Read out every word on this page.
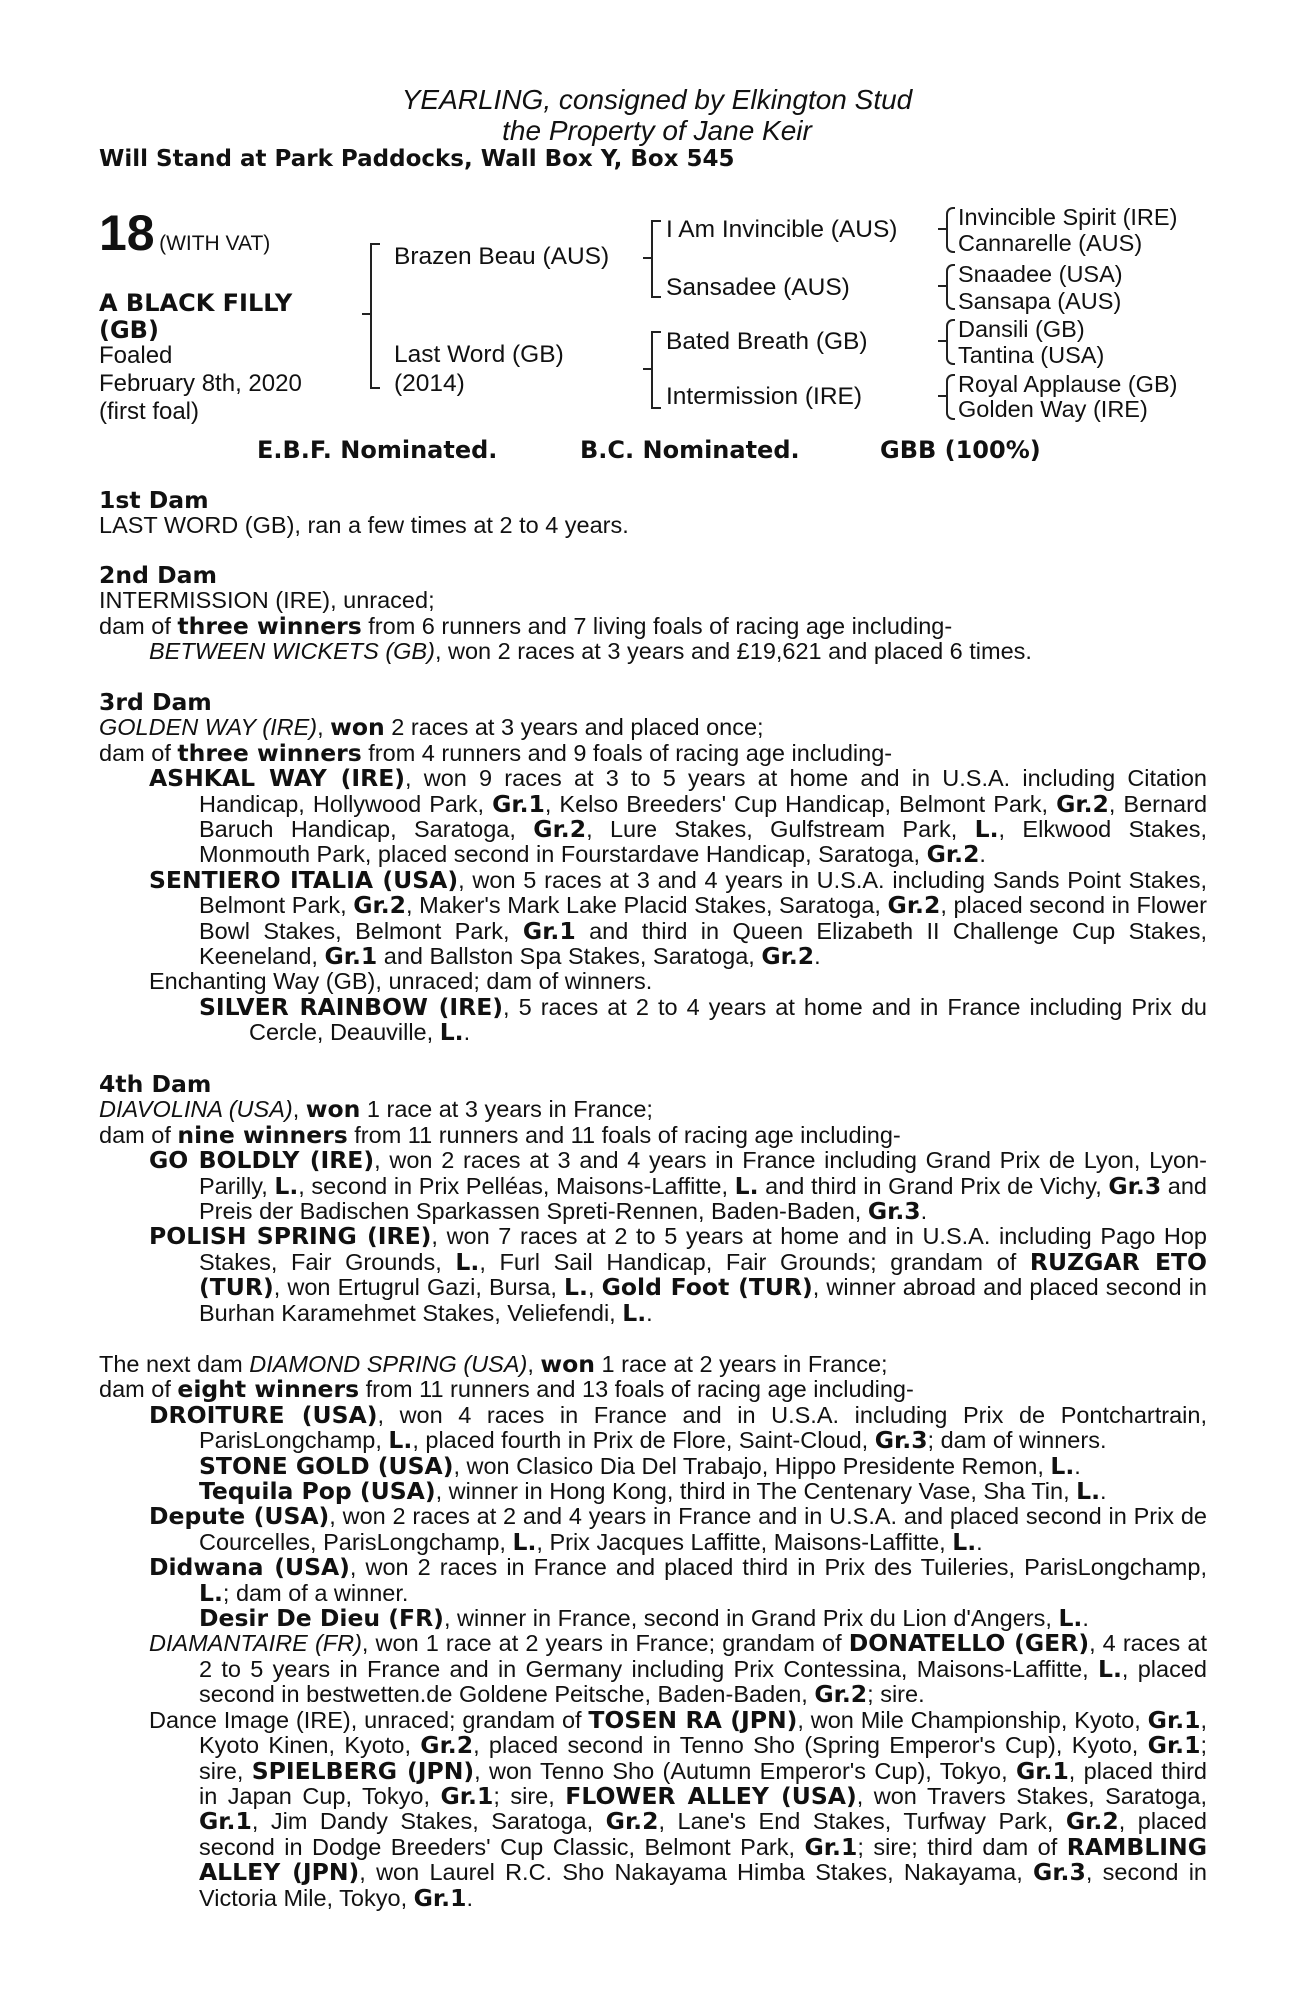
YEARLING, consigned by Elkington Stud
the Property of Jane Keir
Will Stand at Park Paddocks, Wall Box Y, Box 545
18 (WITH VAT)
A BLACK FILLY
(GB)
Foaled
February 8th, 2020
(first foal)
Brazen Beau (AUS)
Last Word (GB)
(2014)
I Am Invincible (AUS)
Sansadee (AUS)
Bated Breath (GB)
Intermission (IRE)
Invincible Spirit (IRE)
Cannarelle (AUS)
Snaadee (USA)
Sansapa (AUS)
Dansili (GB)
Tantina (USA)
Royal Applause (GB)
Golden Way (IRE)
E.B.F. Nominated.	B.C. Nominated.	GBB (100%)

1st Dam

LAST WORD (GB), ran a few times at 2 to 4 years.

2nd Dam

INTERMISSION (IRE), unraced;

dam of three winners from 6 runners and 7 living foals of racing age including-

BETWEEN WICKETS (GB), won 2 races at 3 years and £19,621 and placed 6 times.

3rd Dam

GOLDEN WAY (IRE), won 2 races at 3 years and placed once;

dam of three winners from 4 runners and 9 foals of racing age including-

ASHKAL WAY (IRE), won 9 races at 3 to 5 years at home and in U.S.A. including Citation Handicap, Hollywood Park, Gr.1, Kelso Breeders' Cup Handicap, Belmont Park, Gr.2, Bernard Baruch Handicap, Saratoga, Gr.2, Lure Stakes, Gulfstream Park, L., Elkwood Stakes, Monmouth Park, placed second in Fourstardave Handicap, Saratoga, Gr.2.

SENTIERO ITALIA (USA), won 5 races at 3 and 4 years in U.S.A. including Sands Point Stakes, Belmont Park, Gr.2, Maker's Mark Lake Placid Stakes, Saratoga, Gr.2, placed second in Flower Bowl Stakes, Belmont Park, Gr.1 and third in Queen Elizabeth II Challenge Cup Stakes, Keeneland, Gr.1 and Ballston Spa Stakes, Saratoga, Gr.2.

Enchanting Way (GB), unraced; dam of winners.

SILVER RAINBOW (IRE), 5 races at 2 to 4 years at home and in France including Prix du Cercle, Deauville, L..

4th Dam

DIAVOLINA (USA), won 1 race at 3 years in France;

dam of nine winners from 11 runners and 11 foals of racing age including-

GO BOLDLY (IRE), won 2 races at 3 and 4 years in France including Grand Prix de Lyon, Lyon-Parilly, L., second in Prix Pelléas, Maisons-Laffitte, L. and third in Grand Prix de Vichy, Gr.3 and Preis der Badischen Sparkassen Spreti-Rennen, Baden-Baden, Gr.3.

POLISH SPRING (IRE), won 7 races at 2 to 5 years at home and in U.S.A. including Pago Hop Stakes, Fair Grounds, L., Furl Sail Handicap, Fair Grounds; grandam of RUZGAR ETO (TUR), won Ertugrul Gazi, Bursa, L., Gold Foot (TUR), winner abroad and placed second in Burhan Karamehmet Stakes, Veliefendi, L..

The next dam DIAMOND SPRING (USA), won 1 race at 2 years in France;

dam of eight winners from 11 runners and 13 foals of racing age including-

DROITURE (USA), won 4 races in France and in U.S.A. including Prix de Pontchartrain, ParisLongchamp, L., placed fourth in Prix de Flore, Saint-Cloud, Gr.3; dam of winners.

STONE GOLD (USA), won Clasico Dia Del Trabajo, Hippo Presidente Remon, L..

Tequila Pop (USA), winner in Hong Kong, third in The Centenary Vase, Sha Tin, L..

Depute (USA), won 2 races at 2 and 4 years in France and in U.S.A. and placed second in Prix de Courcelles, ParisLongchamp, L., Prix Jacques Laffitte, Maisons-Laffitte, L..

Didwana (USA), won 2 races in France and placed third in Prix des Tuileries, ParisLongchamp, L.; dam of a winner.

Desir De Dieu (FR), winner in France, second in Grand Prix du Lion d'Angers, L..

DIAMANTAIRE (FR), won 1 race at 2 years in France; grandam of DONATELLO (GER), 4 races at 2 to 5 years in France and in Germany including Prix Contessina, Maisons-Laffitte, L., placed second in bestwetten.de Goldene Peitsche, Baden-Baden, Gr.2; sire.

Dance Image (IRE), unraced; grandam of TOSEN RA (JPN), won Mile Championship, Kyoto, Gr.1, Kyoto Kinen, Kyoto, Gr.2, placed second in Tenno Sho (Spring Emperor's Cup), Kyoto, Gr.1; sire, SPIELBERG (JPN), won Tenno Sho (Autumn Emperor's Cup), Tokyo, Gr.1, placed third in Japan Cup, Tokyo, Gr.1; sire, FLOWER ALLEY (USA), won Travers Stakes, Saratoga, Gr.1, Jim Dandy Stakes, Saratoga, Gr.2, Lane's End Stakes, Turfway Park, Gr.2, placed second in Dodge Breeders' Cup Classic, Belmont Park, Gr.1; sire; third dam of RAMBLING ALLEY (JPN), won Laurel R.C. Sho Nakayama Himba Stakes, Nakayama, Gr.3, second in Victoria Mile, Tokyo, Gr.1.
